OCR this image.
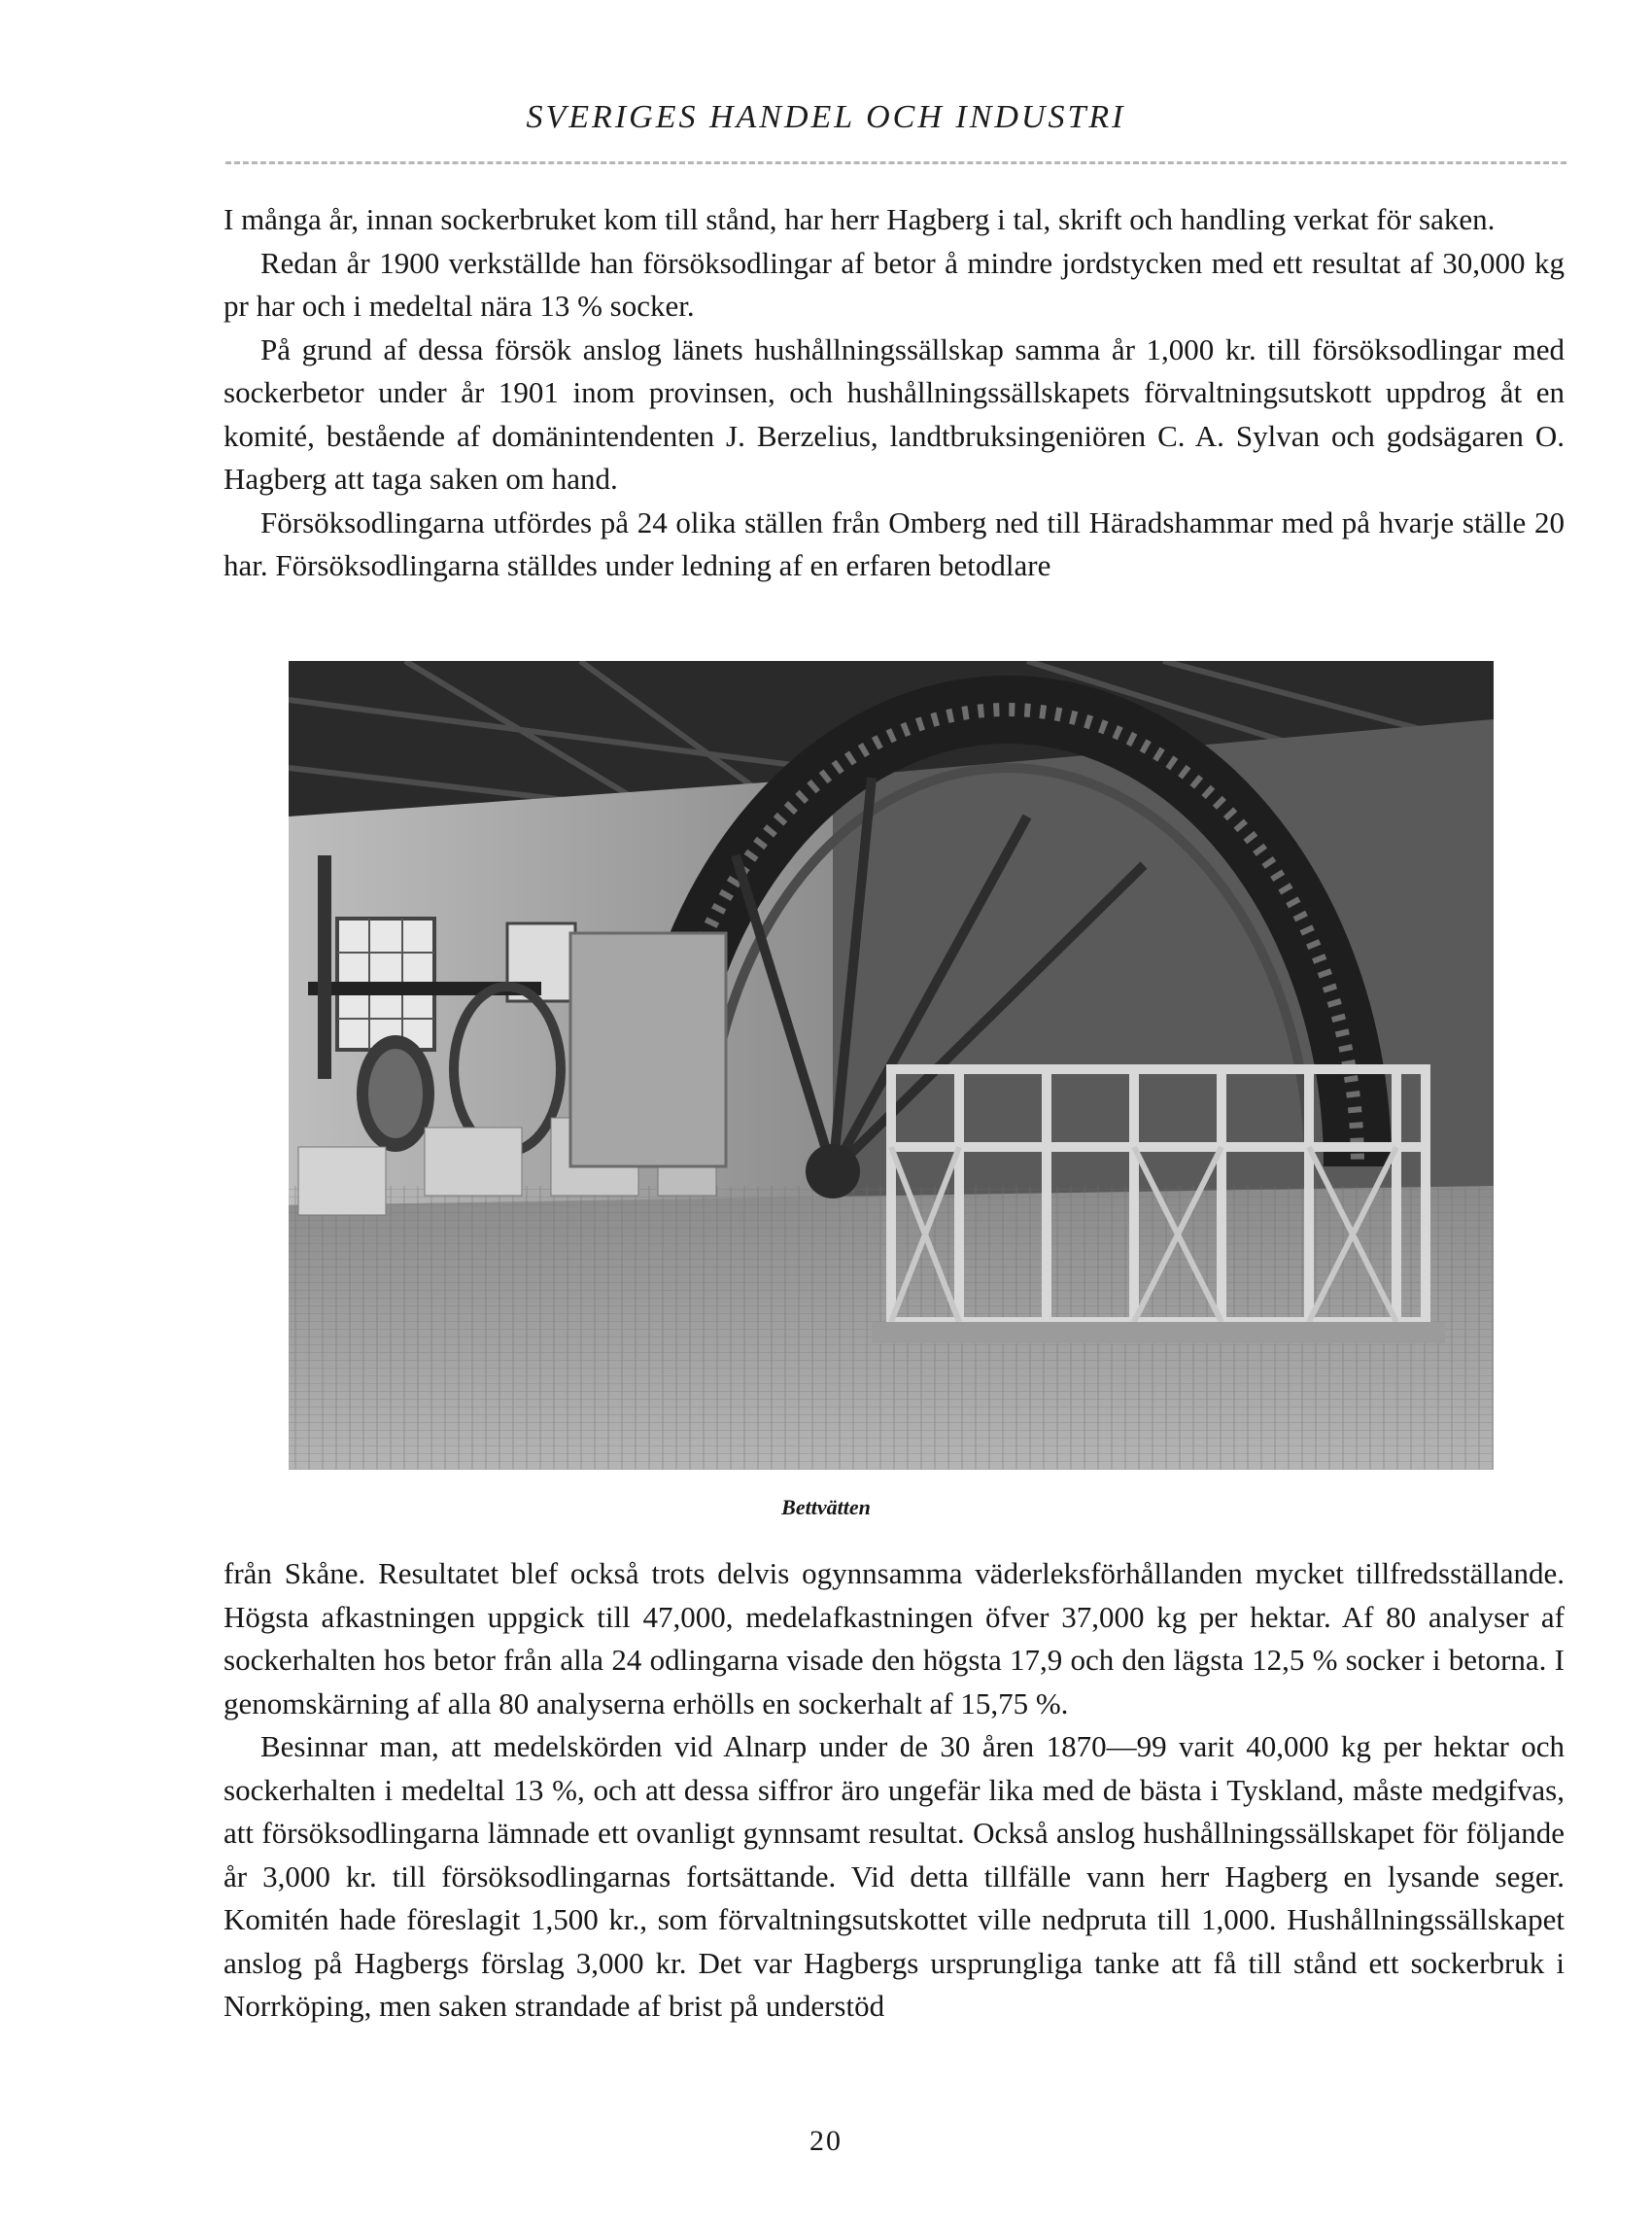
SVERIGES HANDEL OCH INDUSTRI

I många år, innan sockerbruket kom till stånd, har herr Hagberg i tal, skrift och handling verkat för saken.

Redan år 1900 verkställde han försöksodlingar af betor å mindre jordstycken med ett resultat af 30,000 kg pr har och i medeltal nära 13 % socker.

På grund af dessa försök anslog länets hushållningssällskap samma år 1,000 kr. till försöksodlingar med sockerbetor under år 1901 inom provinsen, och hushållningssällskapets förvaltningsutskott uppdrog åt en komité, bestående af domänintendenten J. Berzelius, landtbruksingeniören C. A. Sylvan och godsägaren O. Hagberg att taga saken om hand.

Försöksodlingarna utfördes på 24 olika ställen från Omberg ned till Häradshammar med på hvarje ställe 20 har. Försöksodlingarna ställdes under ledning af en erfaren betodlare

Bettvätten

från Skåne. Resultatet blef också trots delvis ogynnsamma väderleksförhållanden mycket tillfredsställande. Högsta afkastningen uppgick till 47,000, medelafkastningen öfver 37,000 kg per hektar. Af 80 analyser af sockerhalten hos betor från alla 24 odlingarna visade den högsta 17,9 och den lägsta 12,5 % socker i betorna. I genomskärning af alla 80 analyserna erhölls en sockerhalt af 15,75 %.

Besinnar man, att medelskörden vid Alnarp under de 30 åren 1870—99 varit 40,000 kg per hektar och sockerhalten i medeltal 13 %, och att dessa siffror äro ungefär lika med de bästa i Tyskland, måste medgifvas, att försöksodlingarna lämnade ett ovanligt gynnsamt resultat. Också anslog hushållningssällskapet för följande år 3,000 kr. till försöksodlingarnas fortsättande. Vid detta tillfälle vann herr Hagberg en lysande seger. Komitén hade föreslagit 1,500 kr., som förvaltningsutskottet ville nedpruta till 1,000. Hushållningssällskapet anslog på Hagbergs förslag 3,000 kr. Det var Hagbergs ursprungliga tanke att få till stånd ett sockerbruk i Norrköping, men saken strandade af brist på understöd

20
